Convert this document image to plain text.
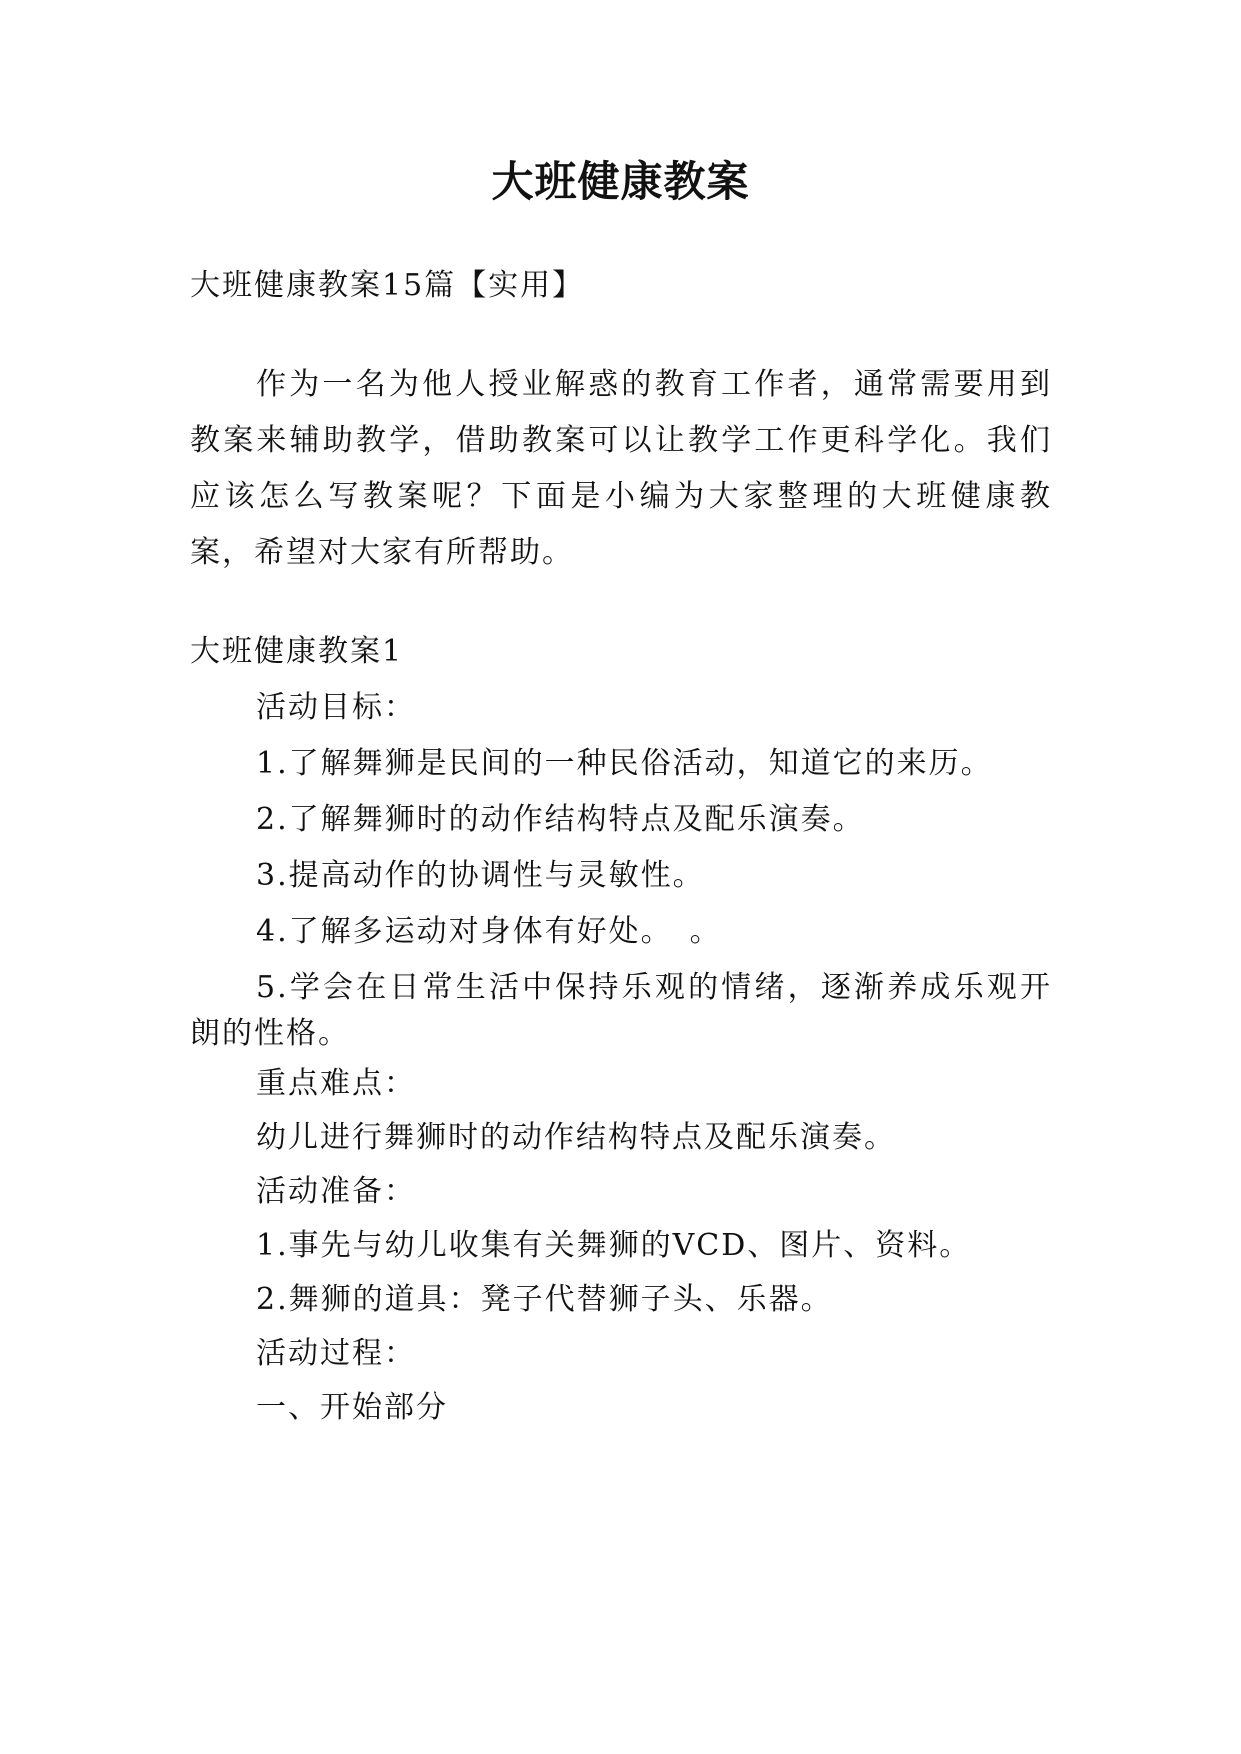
大班健康教案
大班健康教案15篇【实用】
作为一名为他人授业解惑的教育工作者，通常需要用到
教案来辅助教学，借助教案可以让教学工作更科学化。我们
应该怎么写教案呢？下面是小编为大家整理的大班健康教
案，希望对大家有所帮助。
大班健康教案1
活动目标：
1.了解舞狮是民间的一种民俗活动，知道它的来历。
2.了解舞狮时的动作结构特点及配乐演奏。
3.提高动作的协调性与灵敏性。
4.了解多运动对身体有好处。　。
5.学会在日常生活中保持乐观的情绪，逐渐养成乐观开
朗的性格。
重点难点：
幼儿进行舞狮时的动作结构特点及配乐演奏。
活动准备：
1.事先与幼儿收集有关舞狮的VCD、图片、资料。
2.舞狮的道具：凳子代替狮子头、乐器。
活动过程：
一、开始部分
